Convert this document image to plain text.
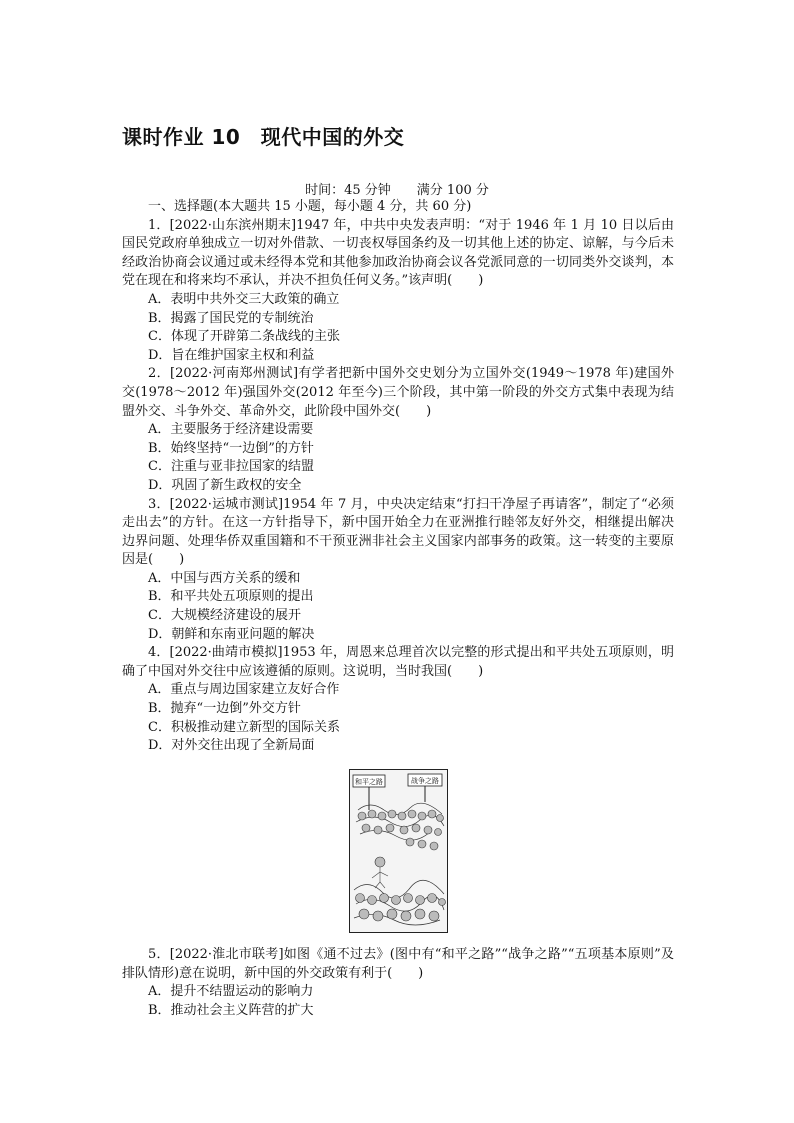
课时作业 10　现代中国的外交
时间：45 分钟 满分 100 分

一、选择题(本大题共 15 小题，每小题 4 分，共 60 分)

1．[2022·山东滨州期末]1947 年，中共中央发表声明：“对于 1946 年 1 月 10 日以后由国民党政府单独成立一切对外借款、一切丧权辱国条约及一切其他上述的协定、谅解，与今后未经政治协商会议通过或未经得本党和其他参加政治协商会议各党派同意的一切同类外交谈判，本党在现在和将来均不承认，并决不担负任何义务。”该声明(　　)

A．表明中共外交三大政策的确立

B．揭露了国民党的专制统治

C．体现了开辟第二条战线的主张

D．旨在维护国家主权和利益

2．[2022·河南郑州测试]有学者把新中国外交史划分为立国外交(1949～1978 年)建国外交(1978～2012 年)强国外交(2012 年至今)三个阶段，其中第一阶段的外交方式集中表现为结盟外交、斗争外交、革命外交，此阶段中国外交(　　)

A．主要服务于经济建设需要

B．始终坚持“一边倒”的方针

C．注重与亚非拉国家的结盟

D．巩固了新生政权的安全

3．[2022·运城市测试]1954 年 7 月，中央决定结束“打扫干净屋子再请客”，制定了“必须走出去”的方针。在这一方针指导下，新中国开始全力在亚洲推行睦邻友好外交，相继提出解决边界问题、处理华侨双重国籍和不干预亚洲非社会主义国家内部事务的政策。这一转变的主要原因是(　　)

A．中国与西方关系的缓和

B．和平共处五项原则的提出

C．大规模经济建设的展开

D．朝鲜和东南亚问题的解决

4．[2022·曲靖市模拟]1953 年，周恩来总理首次以完整的形式提出和平共处五项原则，明确了中国对外交往中应该遵循的原则。这说明，当时我国(　　)

A．重点与周边国家建立友好合作

B．抛弃“一边倒”外交方针

C．积极推动建立新型的国际关系

D．对外交往出现了全新局面

和平之路	战争之路

5．[2022·淮北市联考]如图《通不过去》(图中有“和平之路”“战争之路”“五项基本原则”及排队情形)意在说明，新中国的外交政策有利于(　　)

A．提升不结盟运动的影响力

B．推动社会主义阵营的扩大
